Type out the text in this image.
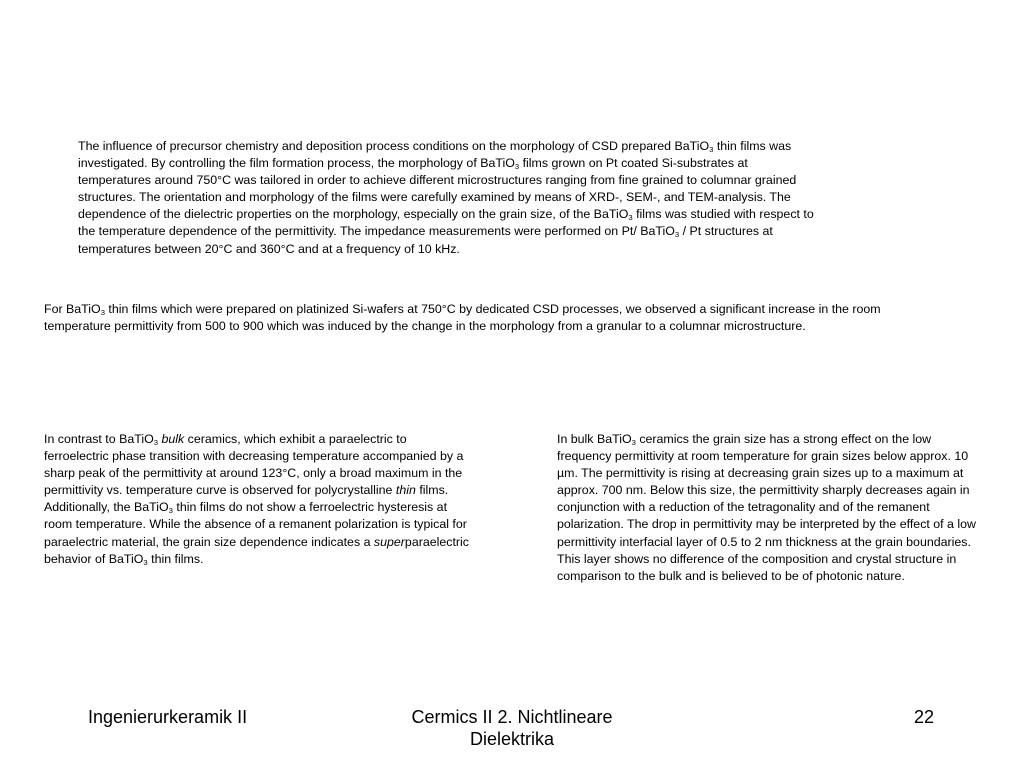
The influence of precursor chemistry and deposition process conditions on the morphology of CSD prepared BaTiO$_3$ thin films was
investigated. By controlling the film formation process, the morphology of BaTiO$_3$ films grown on Pt coated Si-substrates at
temperatures around 750°C was tailored in order to achieve different microstructures ranging from fine grained to columnar grained
structures. The orientation and morphology of the films were carefully examined by means of XRD-, SEM-, and TEM-analysis. The
dependence of the dielectric properties on the morphology, especially on the grain size, of the BaTiO$_3$ films was studied with respect to
the temperature dependence of the permittivity. The impedance measurements were performed on Pt/ BaTiO$_3$ / Pt structures at
temperatures between 20°C and 360°C and at a frequency of 10 kHz.
For BaTiO$_3$ thin films which were prepared on platinized Si-wafers at 750°C by dedicated CSD processes, we observed a significant increase in the room
temperature permittivity from 500 to 900 which was induced by the change in the morphology from a granular to a columnar microstructure.
In contrast to BaTiO$_3$ bulk ceramics, which exhibit a paraelectric to
ferroelectric phase transition with decreasing temperature accompanied by a
sharp peak of the permittivity at around 123°C, only a broad maximum in the
permittivity vs. temperature curve is observed for polycrystalline thin films.
Additionally, the BaTiO$_3$ thin films do not show a ferroelectric hysteresis at
room temperature. While the absence of a remanent polarization is typical for
paraelectric material, the grain size dependence indicates a superparaelectric
behavior of BaTiO$_3$ thin films.
In bulk BaTiO$_3$ ceramics the grain size has a strong effect on the low
frequency permittivity at room temperature for grain sizes below approx. 10
µm. The permittivity is rising at decreasing grain sizes up to a maximum at
approx. 700 nm. Below this size, the permittivity sharply decreases again in
conjunction with a reduction of the tetragonality and of the remanent
polarization. The drop in permittivity may be interpreted by the effect of a low
permittivity interfacial layer of 0.5 to 2 nm thickness at the grain boundaries.
This layer shows no difference of the composition and crystal structure in
comparison to the bulk and is believed to be of photonic nature.
Ingenierurkeramik II	Cermics II 2. Nichtlineare
Dielektrika
22
